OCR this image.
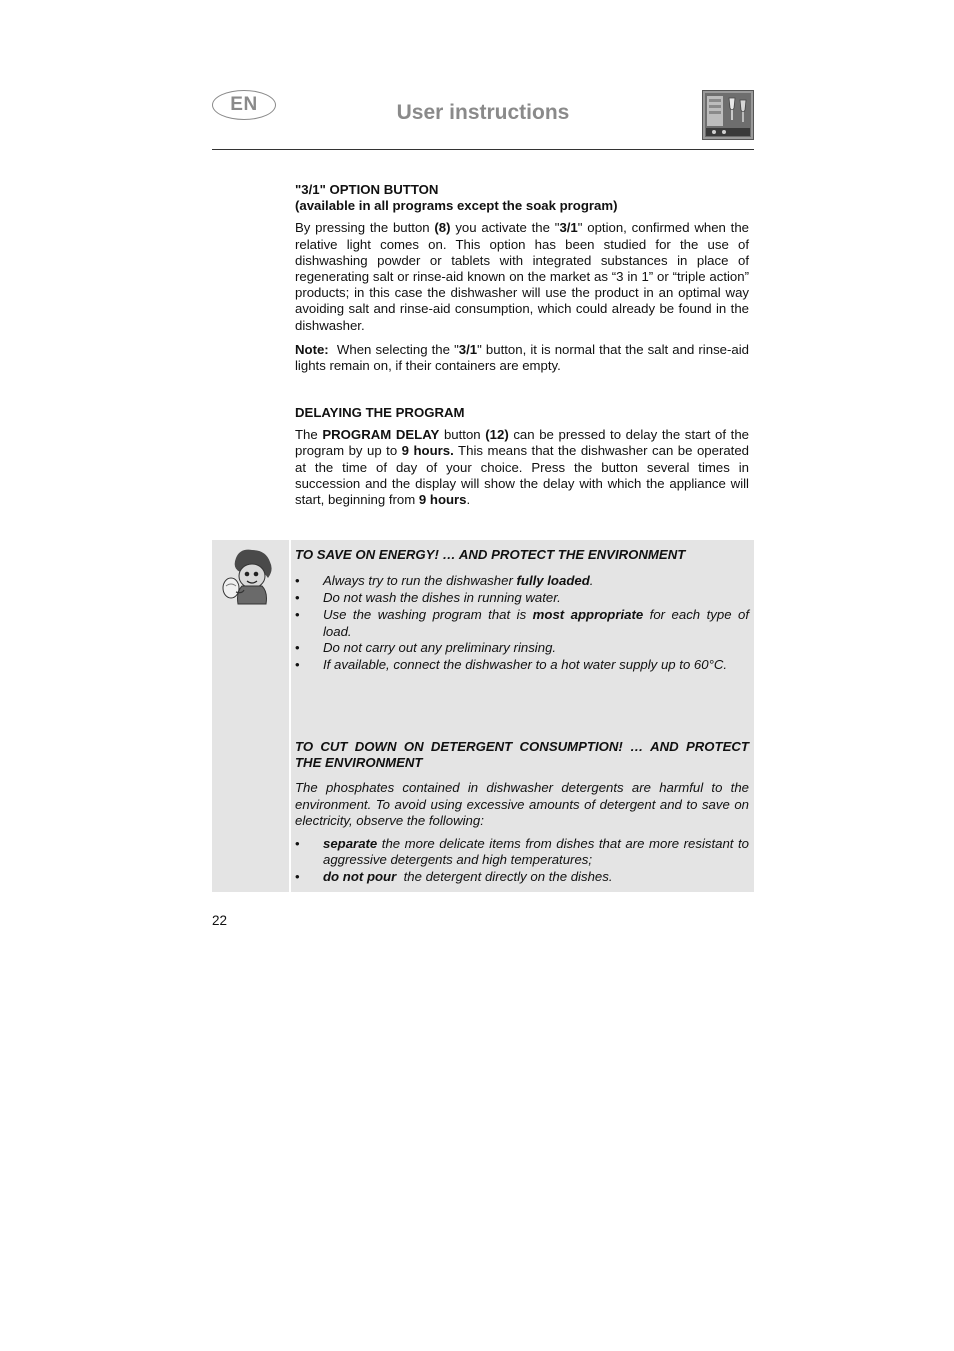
EN	User instructions
"3/1" OPTION BUTTON
(available in all programs except the soak program)

By pressing the button (8) you activate the "3/1" option, confirmed when the relative light comes on. This option has been studied for the use of dishwashing powder or tablets with integrated substances in place of regenerating salt or rinse-aid known on the market as “3 in 1” or “triple action” products; in this case the dishwasher will use the product in an optimal way avoiding salt and rinse-aid consumption, which could already be found in the dishwasher.

Note:  When selecting the "3/1" button, it is normal that the salt and rinse-aid lights remain on, if their containers are empty.

DELAYING THE PROGRAM

The PROGRAM DELAY button (12) can be pressed to delay the start of the program by up to 9 hours. This means that the dishwasher can be operated at the time of day of your choice. Press the button several times in succession and the display will show the delay with which the appliance will start, beginning from 9 hours.

TO SAVE ON ENERGY! … AND PROTECT THE ENVIRONMENT
• Always try to run the dishwasher fully loaded.
• Do not wash the dishes in running water.
• Use the washing program that is most appropriate for each type of load.
• Do not carry out any preliminary rinsing.
• If available, connect the dishwasher to a hot water supply up to 60°C.
TO CUT DOWN ON DETERGENT CONSUMPTION! … AND PROTECT THE ENVIRONMENT

The phosphates contained in dishwasher detergents are harmful to the environment. To avoid using excessive amounts of detergent and to save on electricity, observe the following:

• separate the more delicate items from dishes that are more resistant to aggressive detergents and high temperatures;
• do not pour  the detergent directly on the dishes.
22
